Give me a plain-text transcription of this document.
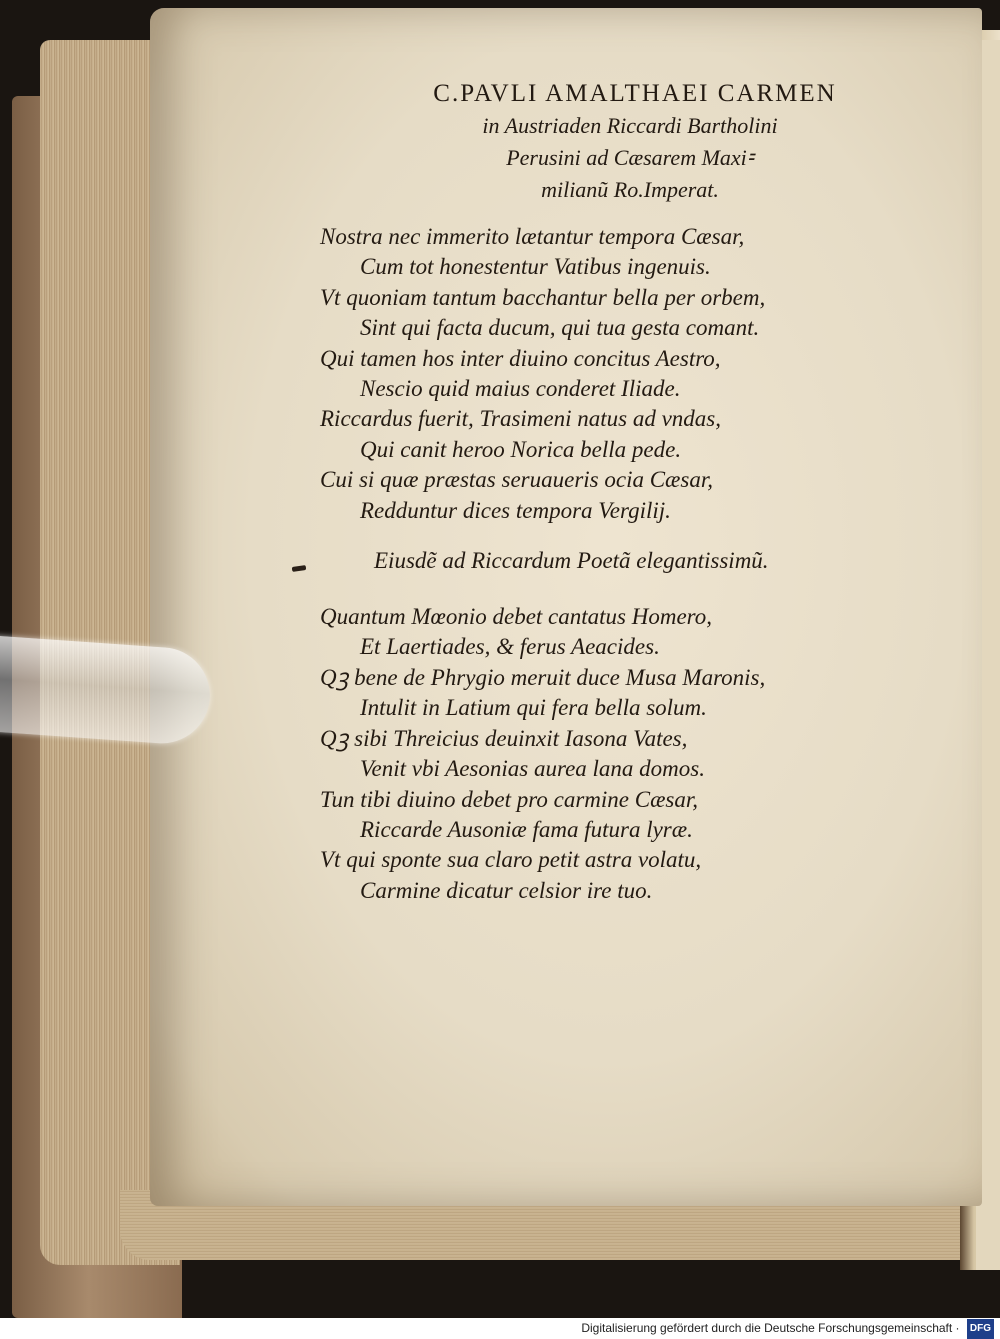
C.PAVLI AMALTHAEI CARMEN
in Austriaden Riccardi Bartholini
Perusini ad Cæsarem Maxi⹀
milianũ Ro.Imperat.
Nostra nec immerito lætantur tempora Cæsar,
Cum tot honestentur Vatibus ingenuis.
Vt quoniam tantum bacchantur bella per orbem,
Sint qui facta ducum, qui tua gesta comant.
Qui tamen hos inter diuino concitus Aestro,
Nescio quid maius conderet Iliade.
Riccardus fuerit, Trasimeni natus ad vndas,
Qui canit heroo Norica bella pede.
Cui si quæ præstas seruaueris ocia Cæsar,
Redduntur dices tempora Vergilij.
Eiusdẽ ad Riccardum Poetã elegantissimũ.
Quantum Mœonio debet cantatus Homero,
Et Laertiades, & ferus Aeacides.
Qꝫ bene de Phrygio meruit duce Musa Maronis,
Intulit in Latium qui fera bella solum.
Qꝫ sibi Threicius deuinxit Iasona Vates,
Venit vbi Aesonias aurea lana domos.
Tun tibi diuino debet pro carmine Cæsar,
Riccarde Ausoniæ fama futura lyræ.
Vt qui sponte sua claro petit astra volatu,
Carmine dicatur celsior ire tuo.
Digitalisierung gefördert durch die Deutsche Forschungsgemeinschaft · DFG
